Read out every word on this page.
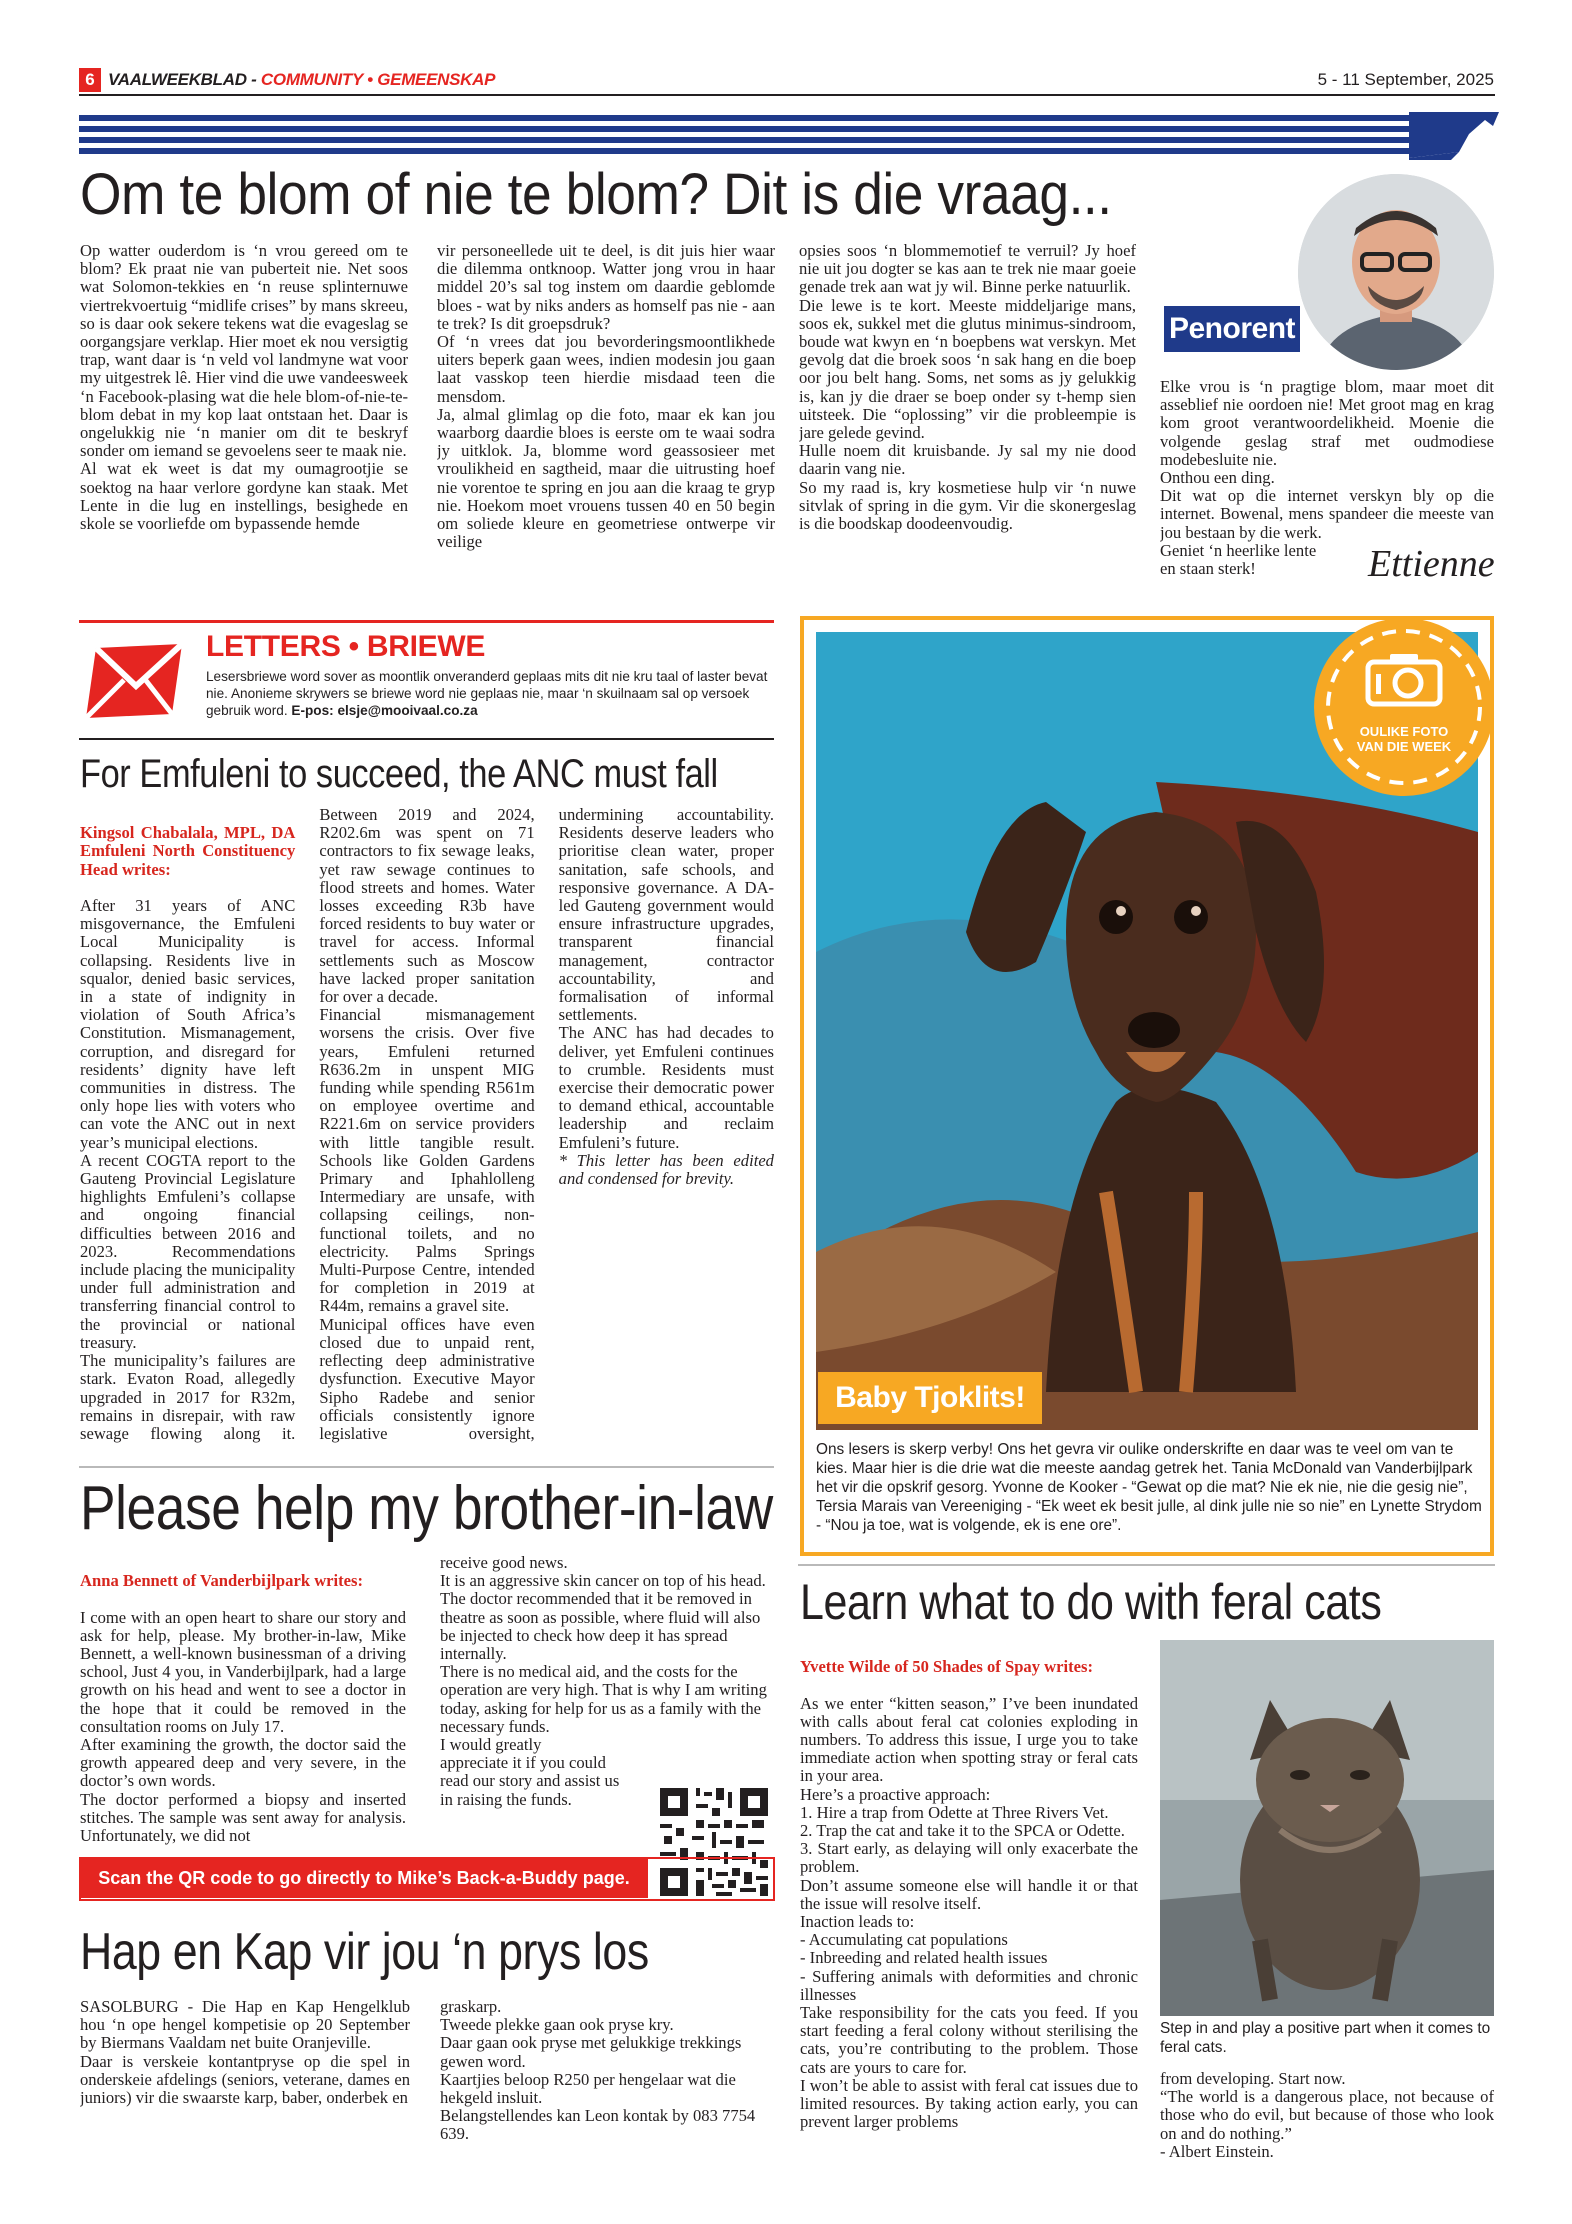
6 VAALWEEKBLAD - COMMUNITY • GEMEENSKAP	5 - 11 September, 2025
Om te blom of nie te blom? Dit is die vraag...
Op watter ouderdom is ‘n vrou gereed om te blom? Ek praat nie van puberteit nie. Net soos wat Solomon-tekkies en ‘n reuse splinternuwe viertrekvoertuig “midlife crises” by mans skreeu, so is daar ook sekere tekens wat die evageslag se oorgangsjare verklap. Hier moet ek nou versigtig trap, want daar is ‘n veld vol landmyne wat voor my uitgestrek lê. Hier vind die uwe vandeesweek ‘n Facebook-plasing wat die hele blom-of-nie-te-blom debat in my kop laat ontstaan het. Daar is ongelukkig nie ‘n manier om dit te beskryf sonder om iemand se gevoelens seer te maak nie.
Al wat ek weet is dat my oumagrootjie se soektog na haar verlore gordyne kan staak. Met Lente in die lug en instellings, besighede en skole se voorliefde om bypassende hemde
vir personeellede uit te deel, is dit juis hier waar die dilemma ontknoop. Watter jong vrou in haar middel 20’s sal tog instem om daardie geblomde bloes - wat by niks anders as homself pas nie - aan te trek? Is dit groepsdruk?
Of ‘n vrees dat jou bevorderingsmoontlikhede uiters beperk gaan wees, indien modesin jou gaan laat vasskop teen hierdie misdaad teen die mensdom.
Ja, almal glimlag op die foto, maar ek kan jou waarborg daardie bloes is eerste om te waai sodra jy uitklok. Ja, blomme word geassosieer met vroulikheid en sagtheid, maar die uitrusting hoef nie vorentoe te spring en jou aan die kraag te gryp nie. Hoekom moet vrouens tussen 40 en 50 begin om soliede kleure en geometriese ontwerpe vir veilige
opsies soos ‘n blommemotief te verruil? Jy hoef nie uit jou dogter se kas aan te trek nie maar goeie genade trek aan wat jy wil. Binne perke natuurlik.
Die lewe is te kort. Meeste middeljarige mans, soos ek, sukkel met die glutus minimus-sindroom, boude wat kwyn en ‘n boepbens wat verskyn. Met gevolg dat die broek soos ‘n sak hang en die boep oor jou belt hang. Soms, net soms as jy gelukkig is, kan jy die draer se boep onder sy t-hemp sien uitsteek. Die “oplossing” vir die probleempie is jare gelede gevind.
Hulle noem dit kruisbande. Jy sal my nie dood daarin vang nie.
So my raad is, kry kosmetiese hulp vir ‘n nuwe sitvlak of spring in die gym. Vir die skonergeslag is die boodskap doodeenvoudig.
Penorent
Elke vrou is ‘n pragtige blom, maar moet dit asseblief nie oordoen nie! Met groot mag en krag kom groot verantwoordelikheid. Moenie die volgende geslag straf met oudmodiese modebesluite nie.
Onthou een ding.
Dit wat op die internet verskyn bly op die internet. Bowenal, mens spandeer die meeste van jou bestaan by die werk.
Geniet ‘n heerlike lente
en staan sterk!	Ettienne
LETTERS • BRIEWE
Lesersbriewe word sover as moontlik onveranderd geplaas mits dit nie kru taal of laster bevat nie. Anonieme skrywers se briewe word nie geplaas nie, maar ‘n skuilnaam sal op versoek gebruik word. E-pos: elsje@mooivaal.co.za
For Emfuleni to succeed, the ANC must fall

Kingsol Chabalala, MPL, DA Emfuleni North Constituency Head writes:

After 31 years of ANC misgovernance, the Emfuleni Local Municipality is collapsing. Residents live in squalor, denied basic services, in a state of indignity in violation of South Africa’s Constitution. Mismanagement, corruption, and disregard for residents’ dignity have left communities in distress. The only hope lies with voters who can vote the ANC out in next year’s municipal elections.
A recent COGTA report to the Gauteng Provincial Legislature highlights Emfuleni’s collapse and ongoing financial difficulties between 2016 and 2023. Recommendations include placing the municipality under full administration and transferring financial control to the provincial or national treasury.
The municipality’s failures are stark. Evaton Road, allegedly upgraded in 2017 for R32m, remains in disrepair, with raw sewage flowing along it. Between 2019 and 2024, R202.6m was spent on 71 contractors to fix sewage leaks, yet raw sewage continues to flood streets and homes. Water losses exceeding R3b have forced residents to buy water or travel for access. Informal settlements such as Moscow have lacked proper sanitation for over a decade.
Financial mismanagement worsens the crisis. Over five years, Emfuleni returned R636.2m in unspent MIG funding while spending R561m on employee overtime and R221.6m on service providers with little tangible result. Schools like Golden Gardens Primary and Iphahlolleng Intermediary are unsafe, with collapsing ceilings, non-functional toilets, and no electricity. Palms Springs Multi-Purpose Centre, intended for completion in 2019 at R44m, remains a gravel site.
Municipal offices have even closed due to unpaid rent, reflecting deep administrative dysfunction. Executive Mayor Sipho Radebe and senior officials consistently ignore legislative oversight, undermining accountability. Residents deserve leaders who prioritise clean water, proper sanitation, safe schools, and responsive governance. A DA-led Gauteng government would ensure infrastructure upgrades, transparent financial management, contractor accountability, and formalisation of informal settlements.
The ANC has had decades to deliver, yet Emfuleni continues to crumble. Residents must exercise their democratic power to demand ethical, accountable leadership and reclaim Emfuleni’s future.

* This letter has been edited and condensed for brevity.

OULIKE FOTO VAN DIE WEEK
Baby Tjoklits!
Ons lesers is skerp verby! Ons het gevra vir oulike onderskrifte en daar was te veel om van te kies. Maar hier is die drie wat die meeste aandag getrek het. Tania McDonald van Vanderbijlpark het vir die opskrif gesorg. Yvonne de Kooker - “Gewat op die mat? Nie ek nie, nie die gesig nie”, Tersia Marais van Vereeniging - “Ek weet ek besit julle, al dink julle nie so nie” en Lynette Strydom - “Nou ja toe, wat is volgende, ek is ene ore”.
Please help my brother-in-law

Anna Bennett of Vanderbijlpark writes:

I come with an open heart to share our story and ask for help, please. My brother-in-law, Mike Bennett, a well-known businessman of a driving school, Just 4 you, in Vanderbijlpark, had a large growth on his head and went to see a doctor in the hope that it could be removed in the consultation rooms on July 17.
After examining the growth, the doctor said the growth appeared deep and very severe, in the doctor’s own words.
The doctor performed a biopsy and inserted stitches. The sample was sent away for analysis. Unfortunately, we did not

receive good news.
It is an aggressive skin cancer on top of his head.
The doctor recommended that it be removed in theatre as soon as possible, where fluid will also be injected to check how deep it has spread internally.
There is no medical aid, and the costs for the operation are very high. That is why I am writing today, asking for help for us as a family with the necessary funds.
I would greatly
appreciate it if you could
read our story and assist us
in raising the funds.
Scan the QR code to go directly to Mike’s Back-a-Buddy page.
Hap en Kap vir jou ‘n prys los
SASOLBURG - Die Hap en Kap Hengelklub hou ‘n ope hengel kompetisie op 20 September by Biermans Vaaldam net buite Oranjeville.
Daar is verskeie kontantpryse op die spel in onderskeie afdelings (seniors, veterane, dames en juniors) vir die swaarste karp, baber, onderbek en
graskarp.
Tweede plekke gaan ook pryse kry.
Daar gaan ook pryse met gelukkige trekkings gewen word.
Kaartjies beloop R250 per hengelaar wat die hekgeld insluit.
Belangstellendes kan Leon kontak by 083 7754 639.
Learn what to do with feral cats

Yvette Wilde of 50 Shades of Spay writes:

As we enter “kitten season,” I’ve been inundated with calls about feral cat colonies exploding in numbers. To address this issue, I urge you to take immediate action when spotting stray or feral cats in your area.
Here’s a proactive approach:
1. Hire a trap from Odette at Three Rivers Vet.
2. Trap the cat and take it to the SPCA or Odette.
3. Start early, as delaying will only exacerbate the problem.
Don’t assume someone else will handle it or that the issue will resolve itself.
Inaction leads to:
- Accumulating cat populations
- Inbreeding and related health issues
- Suffering animals with deformities and chronic illnesses
Take responsibility for the cats you feed. If you start feeding a feral colony without sterilising the cats, you’re contributing to the problem. Those cats are yours to care for.
I won’t be able to assist with feral cat issues due to limited resources. By taking action early, you can prevent larger problems

Step in and play a positive part when it comes to feral cats.
from developing. Start now.
“The world is a dangerous place, not because of those who do evil, but because of those who look on and do nothing.”
- Albert Einstein.
